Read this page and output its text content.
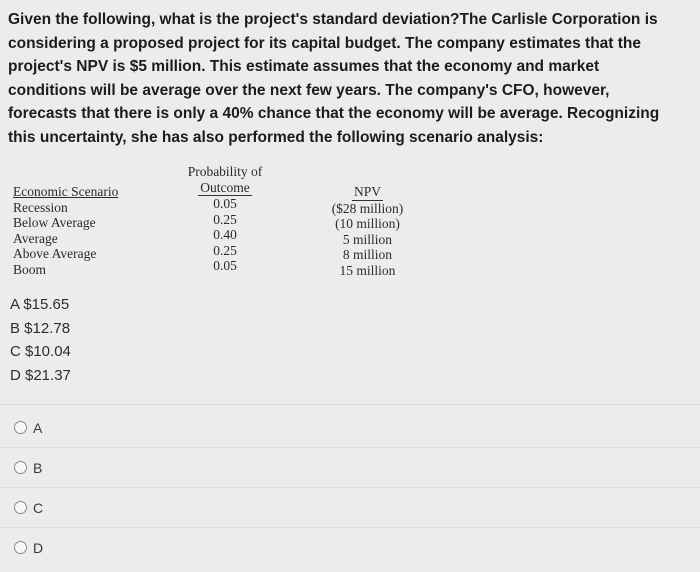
Given the following, what is the project's standard deviation?The Carlisle Corporation is considering a proposed project for its capital budget. The company estimates that the project's NPV is $5 million. This estimate assumes that the economy and market conditions will be average over the next few years. The company's CFO, however, forecasts that there is only a 40% chance that the economy will be average. Recognizing this uncertainty, she has also performed the following scenario analysis:
Economic Scenario
Recession
Below Average
Average
Above Average
Boom
Probability of
Outcome
0.05
0.25
0.40
0.25
0.05
NPV
($28 million)
(10 million)
5 million
8 million
15 million
A $15.65
B $12.78
C $10.04
D $21.37
A
B
C
D
